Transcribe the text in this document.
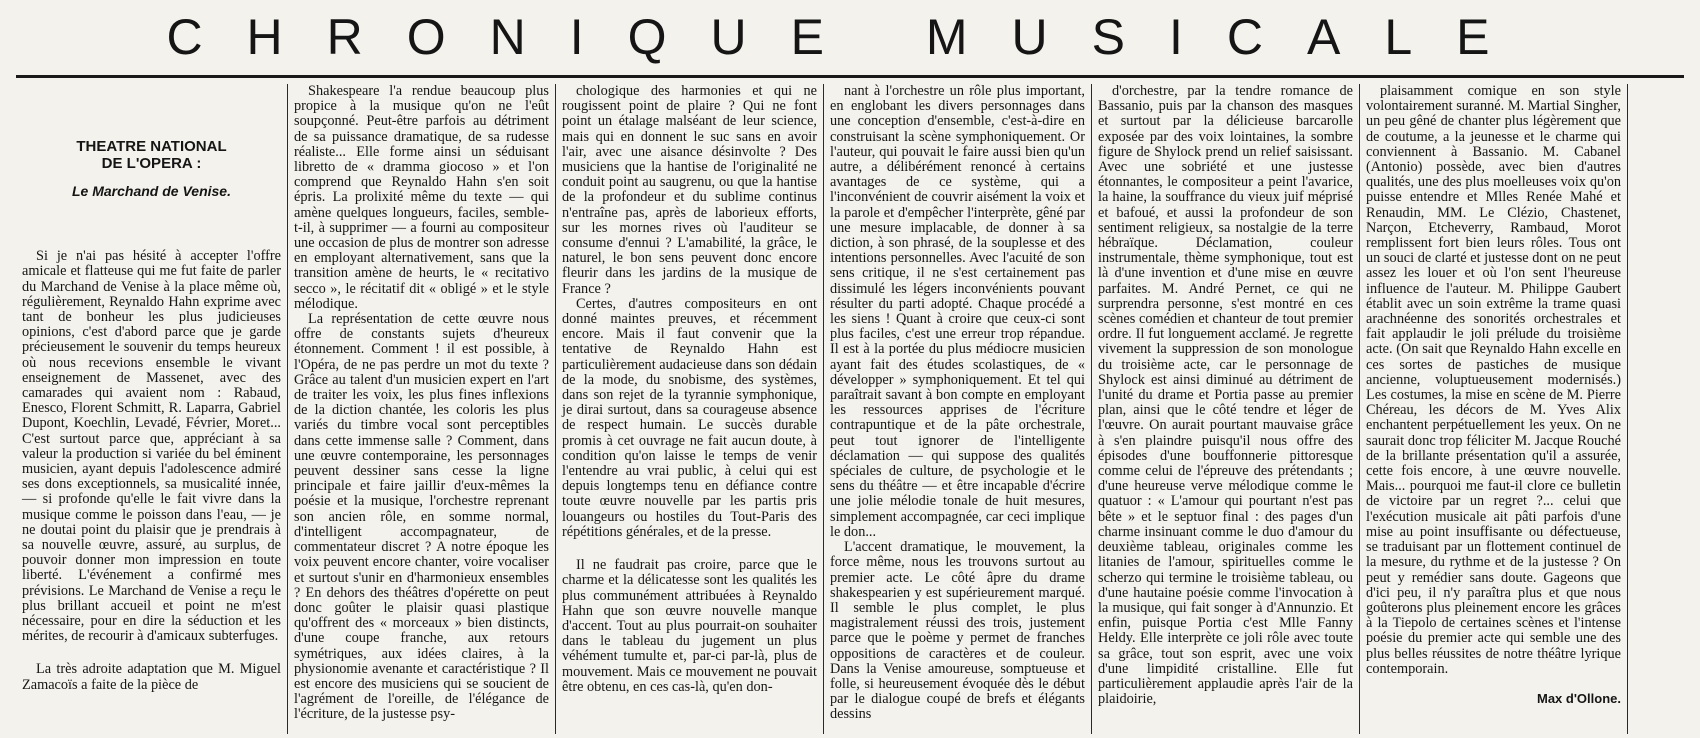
CHRONIQUE MUSICALE
THEATRE NATIONAL
DE L'OPERA :
Le Marchand de Venise.

Si je n'ai pas hésité à accepter l'offre amicale et flatteuse qui me fut faite de parler du Marchand de Venise à la place même où, régulièrement, Reynaldo Hahn exprime avec tant de bonheur les plus judicieuses opinions, c'est d'abord parce que je garde précieusement le souvenir du temps heureux où nous recevions ensemble le vivant enseignement de Massenet, avec des camarades qui avaient nom : Rabaud, Enesco, Florent Schmitt, R. Laparra, Gabriel Dupont, Koechlin, Levadé, Février, Moret... C'est surtout parce que, appréciant à sa valeur la production si variée du bel éminent musicien, ayant depuis l'adolescence admiré ses dons exceptionnels, sa musicalité innée, — si profonde qu'elle le fait vivre dans la musique comme le poisson dans l'eau, — je ne doutai point du plaisir que je prendrais à sa nouvelle œuvre, assuré, au surplus, de pouvoir donner mon impression en toute liberté. L'événement a confirmé mes prévisions. Le Marchand de Venise a reçu le plus brillant accueil et point ne m'est nécessaire, pour en dire la séduction et les mérites, de recourir à d'amicaux subterfuges.

La très adroite adaptation que M. Miguel Zamacoïs a faite de la pièce de

Shakespeare l'a rendue beaucoup plus propice à la musique qu'on ne l'eût soupçonné. Peut-être parfois au détriment de sa puissance dramatique, de sa rudesse réaliste... Elle forme ainsi un séduisant libretto de « dramma giocoso » et l'on comprend que Reynaldo Hahn s'en soit épris. La prolixité même du texte — qui amène quelques longueurs, faciles, semble-t-il, à supprimer — a fourni au compositeur une occasion de plus de montrer son adresse en employant alternativement, sans que la transition amène de heurts, le « recitativo secco », le récitatif dit « obligé » et le style mélodique.

La représentation de cette œuvre nous offre de constants sujets d'heureux étonnement. Comment ! il est possible, à l'Opéra, de ne pas perdre un mot du texte ? Grâce au talent d'un musicien expert en l'art de traiter les voix, les plus fines inflexions de la diction chantée, les coloris les plus variés du timbre vocal sont perceptibles dans cette immense salle ? Comment, dans une œuvre contemporaine, les personnages peuvent dessiner sans cesse la ligne principale et faire jaillir d'eux-mêmes la poésie et la musique, l'orchestre reprenant son ancien rôle, en somme normal, d'intelligent accompagnateur, de commentateur discret ? A notre époque les voix peuvent encore chanter, voire vocaliser et surtout s'unir en d'harmonieux ensembles ? En dehors des théâtres d'opérette on peut donc goûter le plaisir quasi plastique qu'offrent des « morceaux » bien distincts, d'une coupe franche, aux retours symétriques, aux idées claires, à la physionomie avenante et caractéristique ? Il est encore des musiciens qui se soucient de l'agrément de l'oreille, de l'élégance de l'écriture, de la justesse psy-

chologique des harmonies et qui ne rougissent point de plaire ? Qui ne font point un étalage malséant de leur science, mais qui en donnent le suc sans en avoir l'air, avec une aisance désinvolte ? Des musiciens que la hantise de l'originalité ne conduit point au saugrenu, ou que la hantise de la profondeur et du sublime continus n'entraîne pas, après de laborieux efforts, sur les mornes rives où l'auditeur se consume d'ennui ? L'amabilité, la grâce, le naturel, le bon sens peuvent donc encore fleurir dans les jardins de la musique de France ?

Certes, d'autres compositeurs en ont donné maintes preuves, et récemment encore. Mais il faut convenir que la tentative de Reynaldo Hahn est particulièrement audacieuse dans son dédain de la mode, du snobisme, des systèmes, dans son rejet de la tyrannie symphonique, je dirai surtout, dans sa courageuse absence de respect humain. Le succès durable promis à cet ouvrage ne fait aucun doute, à condition qu'on laisse le temps de venir l'entendre au vrai public, à celui qui est depuis longtemps tenu en défiance contre toute œuvre nouvelle par les partis pris louangeurs ou hostiles du Tout-Paris des répétitions générales, et de la presse.

Il ne faudrait pas croire, parce que le charme et la délicatesse sont les qualités les plus communément attribuées à Reynaldo Hahn que son œuvre nouvelle manque d'accent. Tout au plus pourrait-on souhaiter dans le tableau du jugement un plus véhément tumulte et, par-ci par-là, plus de mouvement. Mais ce mouvement ne pouvait être obtenu, en ces cas-là, qu'en don-

nant à l'orchestre un rôle plus important, en englobant les divers personnages dans une conception d'ensemble, c'est-à-dire en construisant la scène symphoniquement. Or l'auteur, qui pouvait le faire aussi bien qu'un autre, a délibérément renoncé à certains avantages de ce système, qui a l'inconvénient de couvrir aisément la voix et la parole et d'empêcher l'interprète, gêné par une mesure implacable, de donner à sa diction, à son phrasé, de la souplesse et des intentions personnelles. Avec l'acuité de son sens critique, il ne s'est certainement pas dissimulé les légers inconvénients pouvant résulter du parti adopté. Chaque procédé a les siens ! Quant à croire que ceux-ci sont plus faciles, c'est une erreur trop répandue. Il est à la portée du plus médiocre musicien ayant fait des études scolastiques, de « développer » symphoniquement. Et tel qui paraîtrait savant à bon compte en employant les ressources apprises de l'écriture contrapuntique et de la pâte orchestrale, peut tout ignorer de l'intelligente déclamation — qui suppose des qualités spéciales de culture, de psychologie et le sens du théâtre — et être incapable d'écrire une jolie mélodie tonale de huit mesures, simplement accompagnée, car ceci implique le don...

L'accent dramatique, le mouvement, la force même, nous les trouvons surtout au premier acte. Le côté âpre du drame shakespearien y est supérieurement marqué. Il semble le plus complet, le plus magistralement réussi des trois, justement parce que le poème y permet de franches oppositions de caractères et de couleur. Dans la Venise amoureuse, somptueuse et folle, si heureusement évoquée dès le début par le dialogue coupé de brefs et élégants dessins

d'orchestre, par la tendre romance de Bassanio, puis par la chanson des masques et surtout par la délicieuse barcarolle exposée par des voix lointaines, la sombre figure de Shylock prend un relief saisissant. Avec une sobriété et une justesse étonnantes, le compositeur a peint l'avarice, la haine, la souffrance du vieux juif méprisé et bafoué, et aussi la profondeur de son sentiment religieux, sa nostalgie de la terre hébraïque. Déclamation, couleur instrumentale, thème symphonique, tout est là d'une invention et d'une mise en œuvre parfaites. M. André Pernet, ce qui ne surprendra personne, s'est montré en ces scènes comédien et chanteur de tout premier ordre. Il fut longuement acclamé. Je regrette vivement la suppression de son monologue du troisième acte, car le personnage de Shylock est ainsi diminué au détriment de l'unité du drame et Portia passe au premier plan, ainsi que le côté tendre et léger de l'œuvre. On aurait pourtant mauvaise grâce à s'en plaindre puisqu'il nous offre des épisodes d'une bouffonnerie pittoresque comme celui de l'épreuve des prétendants ; d'une heureuse verve mélodique comme le quatuor : « L'amour qui pourtant n'est pas bête » et le septuor final : des pages d'un charme insinuant comme le duo d'amour du deuxième tableau, originales comme les litanies de l'amour, spirituelles comme le scherzo qui termine le troisième tableau, ou d'une hautaine poésie comme l'invocation à la musique, qui fait songer à d'Annunzio. Et enfin, puisque Portia c'est Mlle Fanny Heldy. Elle interprète ce joli rôle avec toute sa grâce, tout son esprit, avec une voix d'une limpidité cristalline. Elle fut particulièrement applaudie après l'air de la plaidoirie,

plaisamment comique en son style volontairement suranné. M. Martial Singher, un peu gêné de chanter plus légèrement que de coutume, a la jeunesse et le charme qui conviennent à Bassanio. M. Cabanel (Antonio) possède, avec bien d'autres qualités, une des plus moelleuses voix qu'on puisse entendre et Mlles Renée Mahé et Renaudin, MM. Le Clézio, Chastenet, Narçon, Etcheverry, Rambaud, Morot remplissent fort bien leurs rôles. Tous ont un souci de clarté et justesse dont on ne peut assez les louer et où l'on sent l'heureuse influence de l'auteur. M. Philippe Gaubert établit avec un soin extrême la trame quasi arachnéenne des sonorités orchestrales et fait applaudir le joli prélude du troisième acte. (On sait que Reynaldo Hahn excelle en ces sortes de pastiches de musique ancienne, voluptueusement modernisés.) Les costumes, la mise en scène de M. Pierre Chéreau, les décors de M. Yves Alix enchantent perpétuellement les yeux. On ne saurait donc trop féliciter M. Jacque Rouché de la brillante présentation qu'il a assurée, cette fois encore, à une œuvre nouvelle. Mais... pourquoi me faut-il clore ce bulletin de victoire par un regret ?... celui que l'exécution musicale ait pâti parfois d'une mise au point insuffisante ou défectueuse, se traduisant par un flottement continuel de la mesure, du rythme et de la justesse ? On peut y remédier sans doute. Gageons que d'ici peu, il n'y paraîtra plus et que nous goûterons plus pleinement encore les grâces à la Tiepolo de certaines scènes et l'intense poésie du premier acte qui semble une des plus belles réussites de notre théâtre lyrique contemporain.

Max d'Ollone.
